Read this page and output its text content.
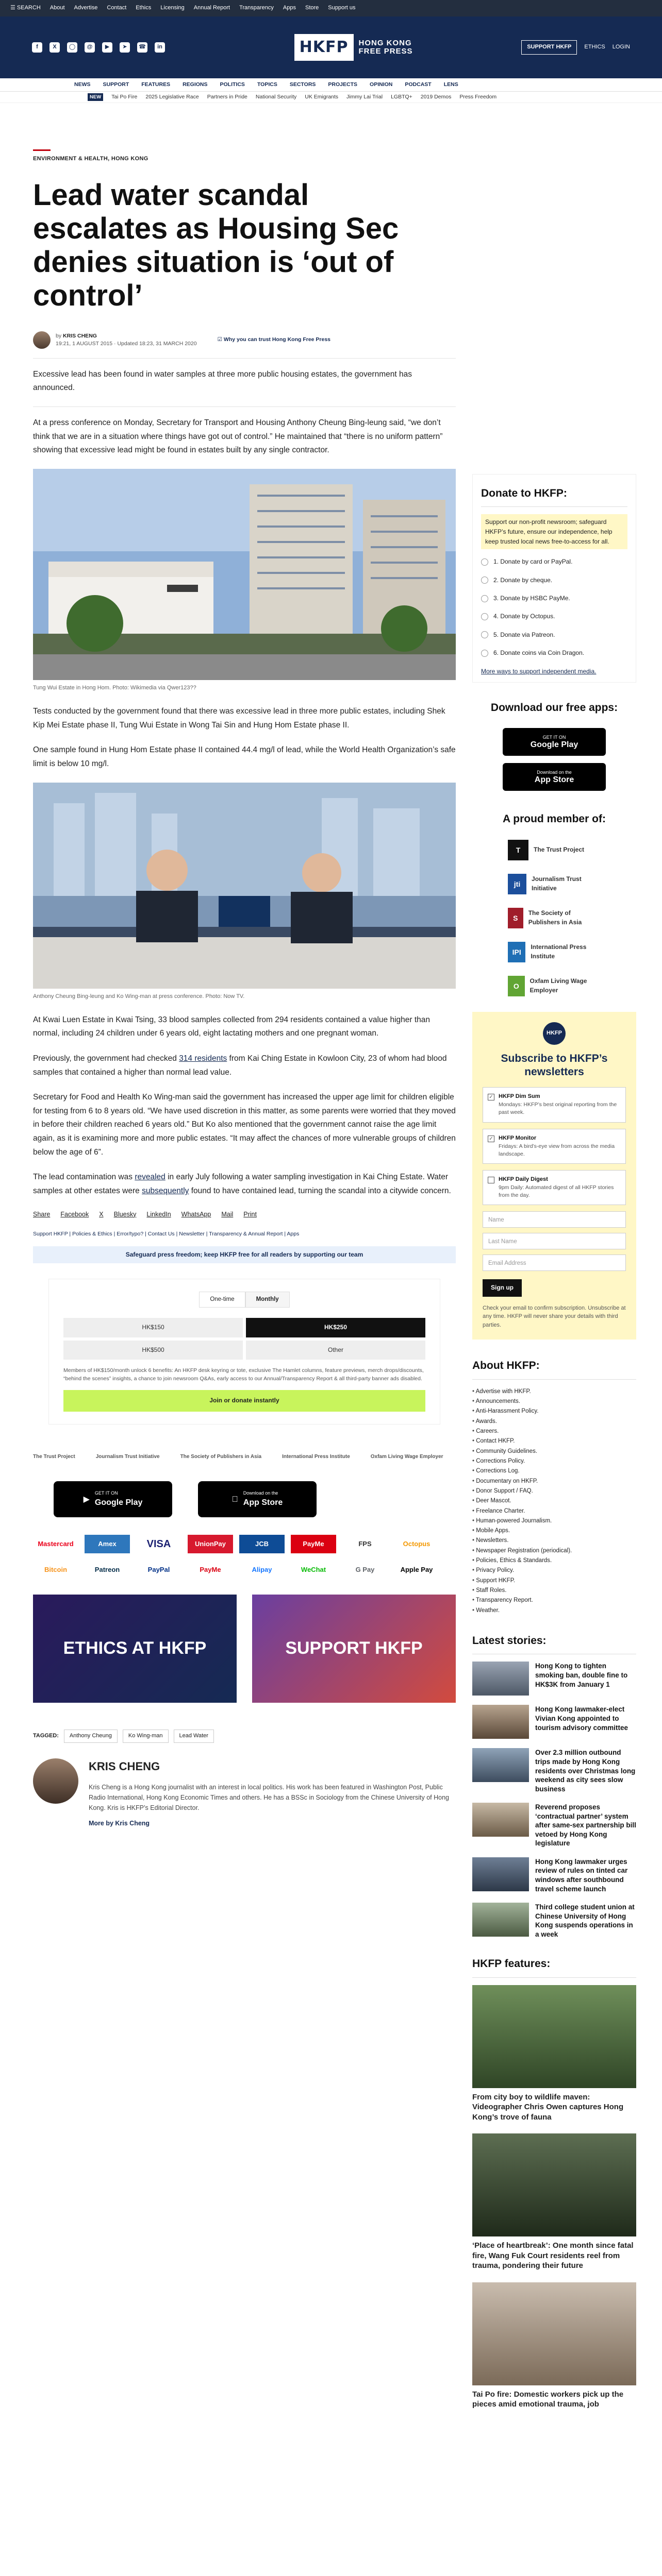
☰ SEARCH About Advertise Contact Ethics Licensing Annual Report Transparency Apps Store Support us
f	X	◯	@	▶	➤	☎	in	HKFP	HONG KONG
FREE PRESS	SUPPORT HKFP	ETHICS LOGIN
NEWS	SUPPORT	FEATURES	REGIONS	POLITICS	TOPICS	SECTORS	PROJECTS	OPINION	PODCAST	LENS
NEW	Tai Po Fire 2025 Legislative Race Partners in Pride National Security UK Emigrants Jimmy Lai Trial LGBTQ+ 2019 Demos Press Freedom
ENVIRONMENT & HEALTH, HONG KONG
Lead water scandal escalates as Housing Sec denies situation is ‘out of control’
by KRIS CHENG
19:21, 1 AUGUST 2015 · Updated 18:23, 31 MARCH 2020
☑ Why you can trust Hong Kong Free Press

Excessive lead has been found in water samples at three more public housing estates, the government has announced.

At a press conference on Monday, Secretary for Transport and Housing Anthony Cheung Bing-leung said, “we don’t think that we are in a situation where things have got out of control.” He maintained that “there is no uniform pattern” showing that excessive lead might be found in estates built by any single contractor.

Tung Wui Estate in Hong Hom. Photo: Wikimedia via Qwer123??

Tests conducted by the government found that there was excessive lead in three more public estates, including Shek Kip Mei Estate phase II, Tung Wui Estate in Wong Tai Sin and Hung Hom Estate phase II.

One sample found in Hung Hom Estate phase II contained 44.4 mg/l of lead, while the World Health Organization’s safe limit is below 10 mg/l.

Anthony Cheung Bing-leung and Ko Wing-man at press conference. Photo: Now TV.

At Kwai Luen Estate in Kwai Tsing, 33 blood samples collected from 294 residents contained a value higher than normal, including 24 children under 6 years old, eight lactating mothers and one pregnant woman.

Previously, the government had checked 314 residents from Kai Ching Estate in Kowloon City, 23 of whom had blood samples that contained a higher than normal lead value.

Secretary for Food and Health Ko Wing-man said the government has increased the upper age limit for children eligible for testing from 6 to 8 years old. “We have used discretion in this matter, as some parents were worried that they moved in before their children reached 6 years old.” But Ko also mentioned that the government cannot raise the age limit again, as it is examining more and more public estates. “It may affect the chances of more vulnerable groups of children below the age of 6”.

The lead contamination was revealed in early July following a water sampling investigation in Kai Ching Estate. Water samples at other estates were subsequently found to have contained lead, turning the scandal into a citywide concern.

Share Facebook X Bluesky LinkedIn WhatsApp Mail Print
Support HKFP | Policies & Ethics | Error/typo? | Contact Us | Newsletter | Transparency & Annual Report | Apps
Safeguard press freedom; keep HKFP free for all readers by supporting our team
One-time	Monthly
HK$150	HK$250
HK$500	Other
Members of HK$150/month unlock 6 benefits: An HKFP desk keyring or tote, exclusive The Hamlet columns, feature previews, merch drops/discounts, “behind the scenes” insights, a chance to join newsroom Q&As, early access to our Annual/Transparency Report & all third-party banner ads disabled.
Join or donate instantly
The Trust Project	Journalism Trust Initiative	The Society of Publishers in Asia	International Press Institute	Oxfam Living Wage Employer
▶
GET IT ON
Google Play
Download on the
App Store
Mastercard	Amex	VISA	UnionPay	JCB	PayMe	FPS	Octopus
Bitcoin	Patreon	PayPal	PayMe	Alipay	WeChat	G Pay	Apple Pay
ETHICS AT HKFP	SUPPORT HKFP
TAGGED:	Anthony Cheung	Ko Wing-man	Lead Water
KRIS CHENG

Kris Cheng is a Hong Kong journalist with an interest in local politics. His work has been featured in Washington Post, Public Radio International, Hong Kong Economic Times and others. He has a BSSc in Sociology from the Chinese University of Hong Kong. Kris is HKFP’s Editorial Director.

More by Kris Cheng

Donate to HKFP:
Support our non-profit newsroom; safeguard HKFP’s future, ensure our independence, help keep trusted local news free-to-access for all.
1. Donate by card or PayPal.
2. Donate by cheque.
3. Donate by HSBC PayMe.
4. Donate by Octopus.
5. Donate via Patreon.
6. Donate coins via Coin Dragon.
More ways to support independent media.
Download our free apps:
GET IT ON
Google Play
Download on the
App Store
A proud member of:
T	The Trust Project
jti
Journalism Trust Initiative
S
The Society of Publishers in Asia
IPI
International Press Institute
O
Oxfam Living Wage Employer
HKFP
Subscribe to HKFP’s newsletters
✓ HKFP Dim Sum
Mondays: HKFP’s best original reporting from the past week.
✓ HKFP Monitor
Fridays: A bird’s-eye view from across the media landscape.
HKFP Daily Digest
9pm Daily: Automated digest of all HKFP stories from the day.
Name
Last Name
Email Address
Sign up
Check your email to confirm subscription. Unsubscribe at any time. HKFP will never share your details with third parties.
About HKFP:
• Advertise with HKFP.
• Announcements.
• Anti-Harassment Policy.
• Awards.
• Careers.
• Contact HKFP.
• Community Guidelines.
• Corrections Policy.
• Corrections Log.
• Documentary on HKFP.
• Donor Support / FAQ.
• Deer Mascot.
• Freelance Charter.
• Human-powered Journalism.
• Mobile Apps.
• Newsletters.
• Newspaper Registration (periodical).
• Policies, Ethics & Standards.
• Privacy Policy.
• Support HKFP.
• Staff Roles.
• Transparency Report.
• Weather.
Latest stories:
Hong Kong to tighten smoking ban, double fine to HK$3K from January 1
Hong Kong lawmaker-elect Vivian Kong appointed to tourism advisory committee
Over 2.3 million outbound trips made by Hong Kong residents over Christmas long weekend as city sees slow business
Reverend proposes ‘contractual partner’ system after same-sex partnership bill vetoed by Hong Kong legislature
Hong Kong lawmaker urges review of rules on tinted car windows after southbound travel scheme launch
Third college student union at Chinese University of Hong Kong suspends operations in a week
HKFP features:
From city boy to wildlife maven: Videographer Chris Owen captures Hong Kong’s trove of fauna
‘Place of heartbreak’: One month since fatal fire, Wang Fuk Court residents reel from trauma, pondering their future
Tai Po fire: Domestic workers pick up the pieces amid emotional trauma, job
